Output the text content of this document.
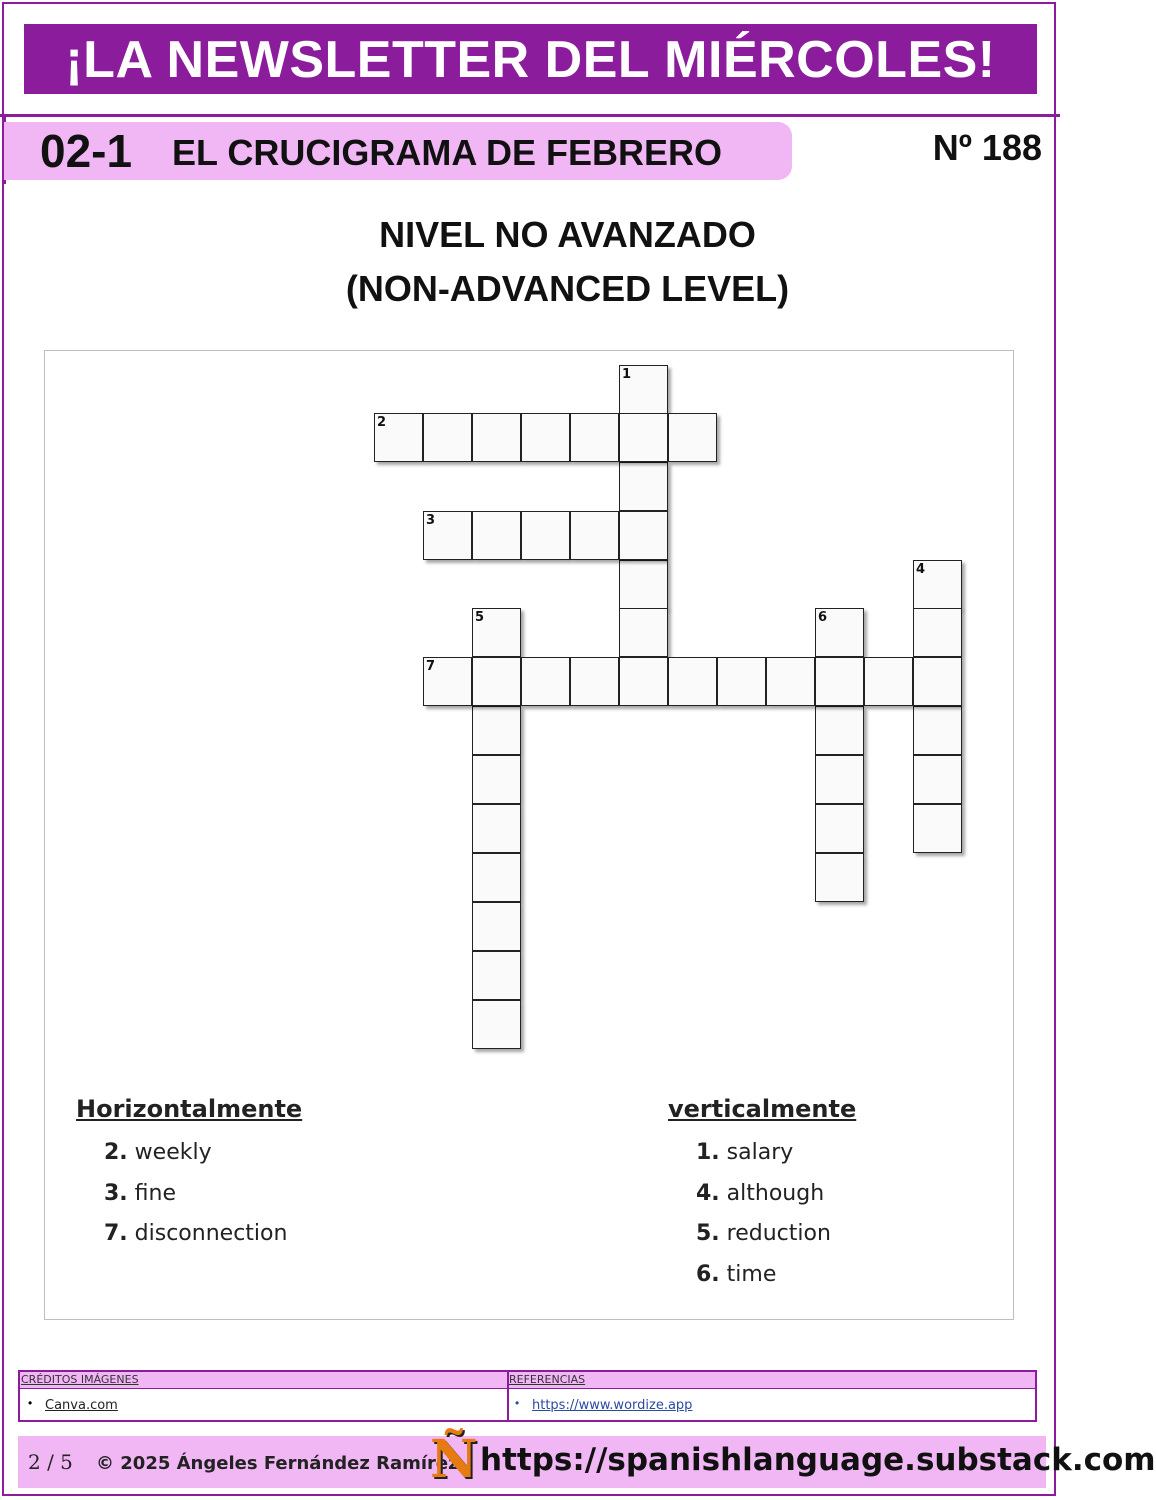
¡LA NEWSLETTER DEL MIÉRCOLES!
02-1 EL CRUCIGRAMA DE FEBRERO	Nº 188
NIVEL NO AVANZADO
(NON-ADVANCED LEVEL)
1
2
3
4
5	6
7
Horizontalmente
2. weekly
3. fine
7. disconnection
verticalmente
1. salary
4. although
5. reduction
6. time
CRÉDITOS IMÁGENES	REFERENCIAS
• Canva.com	• https://www.wordize.app
2 / 5 © 2025 Ángeles Fernández Ramírez
Ñ https://spanishlanguage.substack.com
